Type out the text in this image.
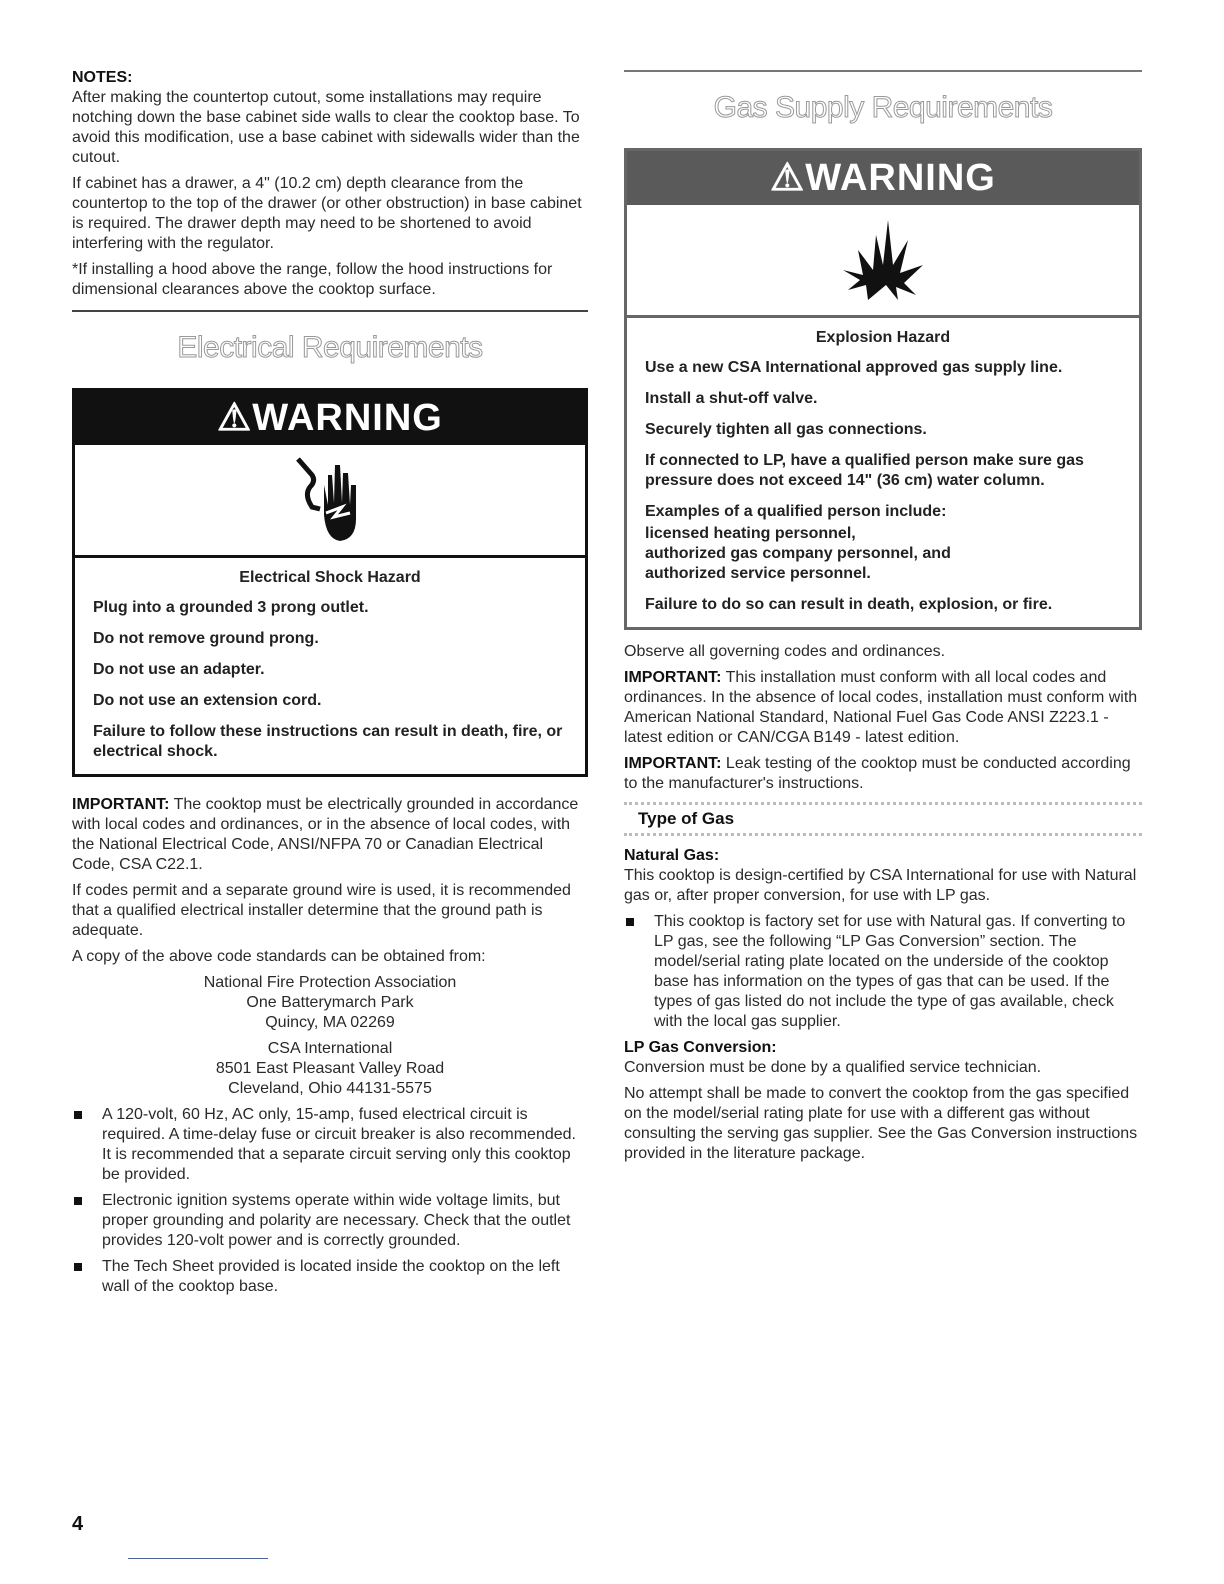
NOTES:

After making the countertop cutout, some installations may require notching down the base cabinet side walls to clear the cooktop base. To avoid this modification, use a base cabinet with sidewalls wider than the cutout.

If cabinet has a drawer, a 4" (10.2 cm) depth clearance from the countertop to the top of the drawer (or other obstruction) in base cabinet is required. The drawer depth may need to be shortened to avoid interfering with the regulator.

*If installing a hood above the range, follow the hood instructions for dimensional clearances above the cooktop surface.

Electrical Requirements
⚠WARNING

Electrical Shock Hazard

Plug into a grounded 3 prong outlet.

Do not remove ground prong.

Do not use an adapter.

Do not use an extension cord.

Failure to follow these instructions can result in death, fire, or electrical shock.

IMPORTANT: The cooktop must be electrically grounded in accordance with local codes and ordinances, or in the absence of local codes, with the National Electrical Code, ANSI/NFPA 70 or Canadian Electrical Code, CSA C22.1.

If codes permit and a separate ground wire is used, it is recommended that a qualified electrical installer determine that the ground path is adequate.

A copy of the above code standards can be obtained from:

National Fire Protection Association

One Batterymarch Park

Quincy, MA 02269

CSA International

8501 East Pleasant Valley Road

Cleveland, Ohio 44131-5575

A 120-volt, 60 Hz, AC only, 15-amp, fused electrical circuit is required. A time-delay fuse or circuit breaker is also recommended. It is recommended that a separate circuit serving only this cooktop be provided.
Electronic ignition systems operate within wide voltage limits, but proper grounding and polarity are necessary. Check that the outlet provides 120-volt power and is correctly grounded.
The Tech Sheet provided is located inside the cooktop on the left wall of the cooktop base.
Gas Supply Requirements
⚠WARNING

Explosion Hazard

Use a new CSA International approved gas supply line.

Install a shut-off valve.

Securely tighten all gas connections.

If connected to LP, have a qualified person make sure gas pressure does not exceed 14" (36 cm) water column.

Examples of a qualified person include:

licensed heating personnel,

authorized gas company personnel, and

authorized service personnel.

Failure to do so can result in death, explosion, or fire.

Observe all governing codes and ordinances.

IMPORTANT: This installation must conform with all local codes and ordinances. In the absence of local codes, installation must conform with American National Standard, National Fuel Gas Code ANSI Z223.1 - latest edition or CAN/CGA B149 - latest edition.

IMPORTANT: Leak testing of the cooktop must be conducted according to the manufacturer's instructions.

Type of Gas
Natural Gas:

This cooktop is design-certified by CSA International for use with Natural gas or, after proper conversion, for use with LP gas.

This cooktop is factory set for use with Natural gas. If converting to LP gas, see the following “LP Gas Conversion” section. The model/serial rating plate located on the underside of the cooktop base has information on the types of gas that can be used. If the types of gas listed do not include the type of gas available, check with the local gas supplier.
LP Gas Conversion:

Conversion must be done by a qualified service technician.

No attempt shall be made to convert the cooktop from the gas specified on the model/serial rating plate for use with a different gas without consulting the serving gas supplier. See the Gas Conversion instructions provided in the literature package.

4
